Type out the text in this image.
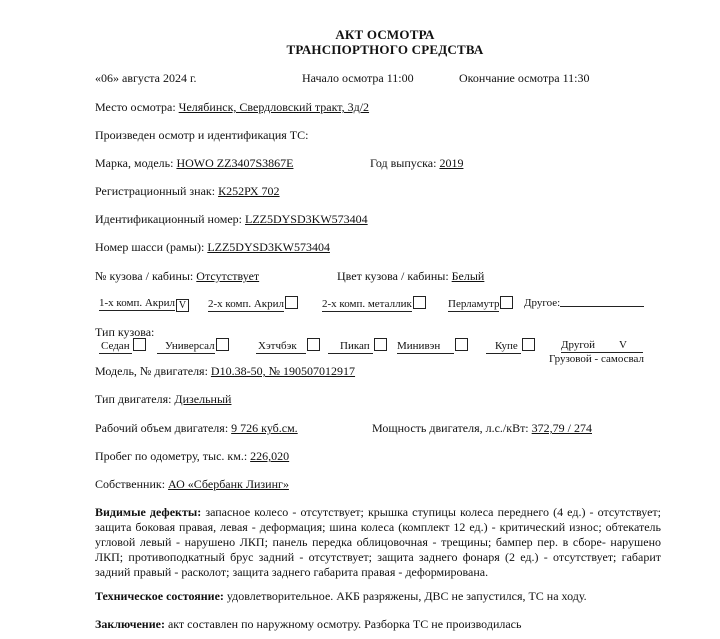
АКТ ОСМОТРА
ТРАНСПОРТНОГО СРЕДСТВА
«06» августа 2024 г.	Начало осмотра 11:00	Окончание осмотра 11:30
Место осмотра: Челябинск, Свердловский тракт, 3д/2
Произведен осмотр и идентификация ТС:
Марка, модель: HOWO ZZ3407S3867E	Год выпуска: 2019
Регистрационный знак: К252РХ 702
Идентификационный номер: LZZ5DYSD3KW573404
Номер шасси (рамы): LZZ5DYSD3KW573404
№ кузова / кабины: Отсутствует	Цвет кузова / кабины: Белый
1-х комп. Акрил V 2-х комп. Акрил	2-х комп. металлик	Перламутр	Другое:
Тип кузова:
Седан	Универсал	Хэтчбэк	Пикап	Минивэн	Купе	Другой V
Грузовой - самосвал
Модель, № двигателя: D10.38-50, № 190507012917
Тип двигателя: Дизельный
Рабочий объем двигателя: 9 726 куб.см.	Мощность двигателя, л.с./кВт: 372,79 / 274
Пробег по одометру, тыс. км.: 226,020
Собственник: АО «Сбербанк Лизинг»
Видимые дефекты: запасное колесо - отсутствует; крышка ступицы колеса переднего (4 ед.) - отсутствует; защита боковая правая, левая - деформация; шина колеса (комплект 12 ед.) - критический износ; обтекатель угловой левый - нарушено ЛКП; панель передка облицовочная - трещины; бампер пер. в сборе- нарушено ЛКП; противоподкатный брус задний - отсутствует; защита заднего фонаря (2 ед.) - отсутствует; габарит задний правый - расколот; защита заднего габарита правая - деформирована.
Техническое состояние: удовлетворительное. АКБ разряжены, ДВС не запустился, ТС на ходу.
Заключение: акт составлен по наружному осмотру. Разборка ТС не производилась
